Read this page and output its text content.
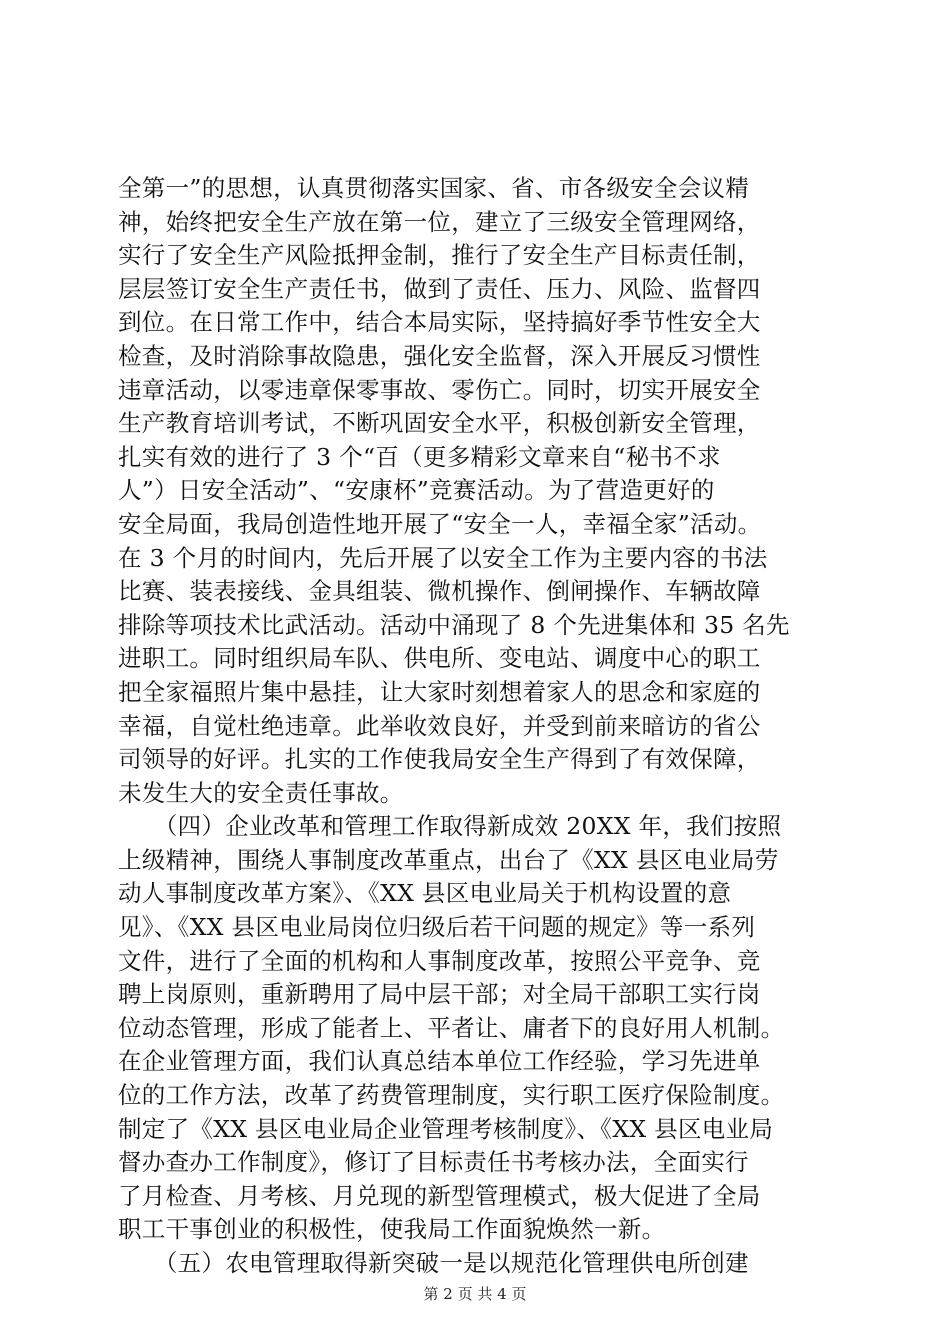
全第一”的思想，认真贯彻落实国家、省、市各级安全会议精
神，始终把安全生产放在第一位，建立了三级安全管理网络，
实行了安全生产风险抵押金制，推行了安全生产目标责任制，
层层签订安全生产责任书，做到了责任、压力、风险、监督四
到位。在日常工作中，结合本局实际，坚持搞好季节性安全大
检查，及时消除事故隐患，强化安全监督，深入开展反习惯性
违章活动，以零违章保零事故、零伤亡。同时，切实开展安全
生产教育培训考试，不断巩固安全水平，积极创新安全管理，
扎实有效的进行了 3 个“百（更多精彩文章来自“秘书不求
人”）日安全活动”、“安康杯”竞赛活动。为了营造更好的
安全局面，我局创造性地开展了“安全一人，幸福全家”活动。
在 3 个月的时间内，先后开展了以安全工作为主要内容的书法
比赛、装表接线、金具组装、微机操作、倒闸操作、车辆故障
排除等项技术比武活动。活动中涌现了 8 个先进集体和 35 名先
进职工。同时组织局车队、供电所、变电站、调度中心的职工
把全家福照片集中悬挂，让大家时刻想着家人的思念和家庭的
幸福，自觉杜绝违章。此举收效良好，并受到前来暗访的省公
司领导的好评。扎实的工作使我局安全生产得到了有效保障，
未发生大的安全责任事故。
　　（四）企业改革和管理工作取得新成效 20XX 年，我们按照
上级精神，围绕人事制度改革重点，出台了《XX 县区电业局劳
动人事制度改革方案》、《XX 县区电业局关于机构设置的意
见》、《XX 县区电业局岗位归级后若干问题的规定》等一系列
文件，进行了全面的机构和人事制度改革，按照公平竞争、竞
聘上岗原则，重新聘用了局中层干部；对全局干部职工实行岗
位动态管理，形成了能者上、平者让、庸者下的良好用人机制。
在企业管理方面，我们认真总结本单位工作经验，学习先进单
位的工作方法，改革了药费管理制度，实行职工医疗保险制度。
制定了《XX 县区电业局企业管理考核制度》、《XX 县区电业局
督办查办工作制度》，修订了目标责任书考核办法，全面实行
了月检查、月考核、月兑现的新型管理模式，极大促进了全局
职工干事创业的积极性，使我局工作面貌焕然一新。
　　（五）农电管理取得新突破一是以规范化管理供电所创建
第 2 页 共 4 页
